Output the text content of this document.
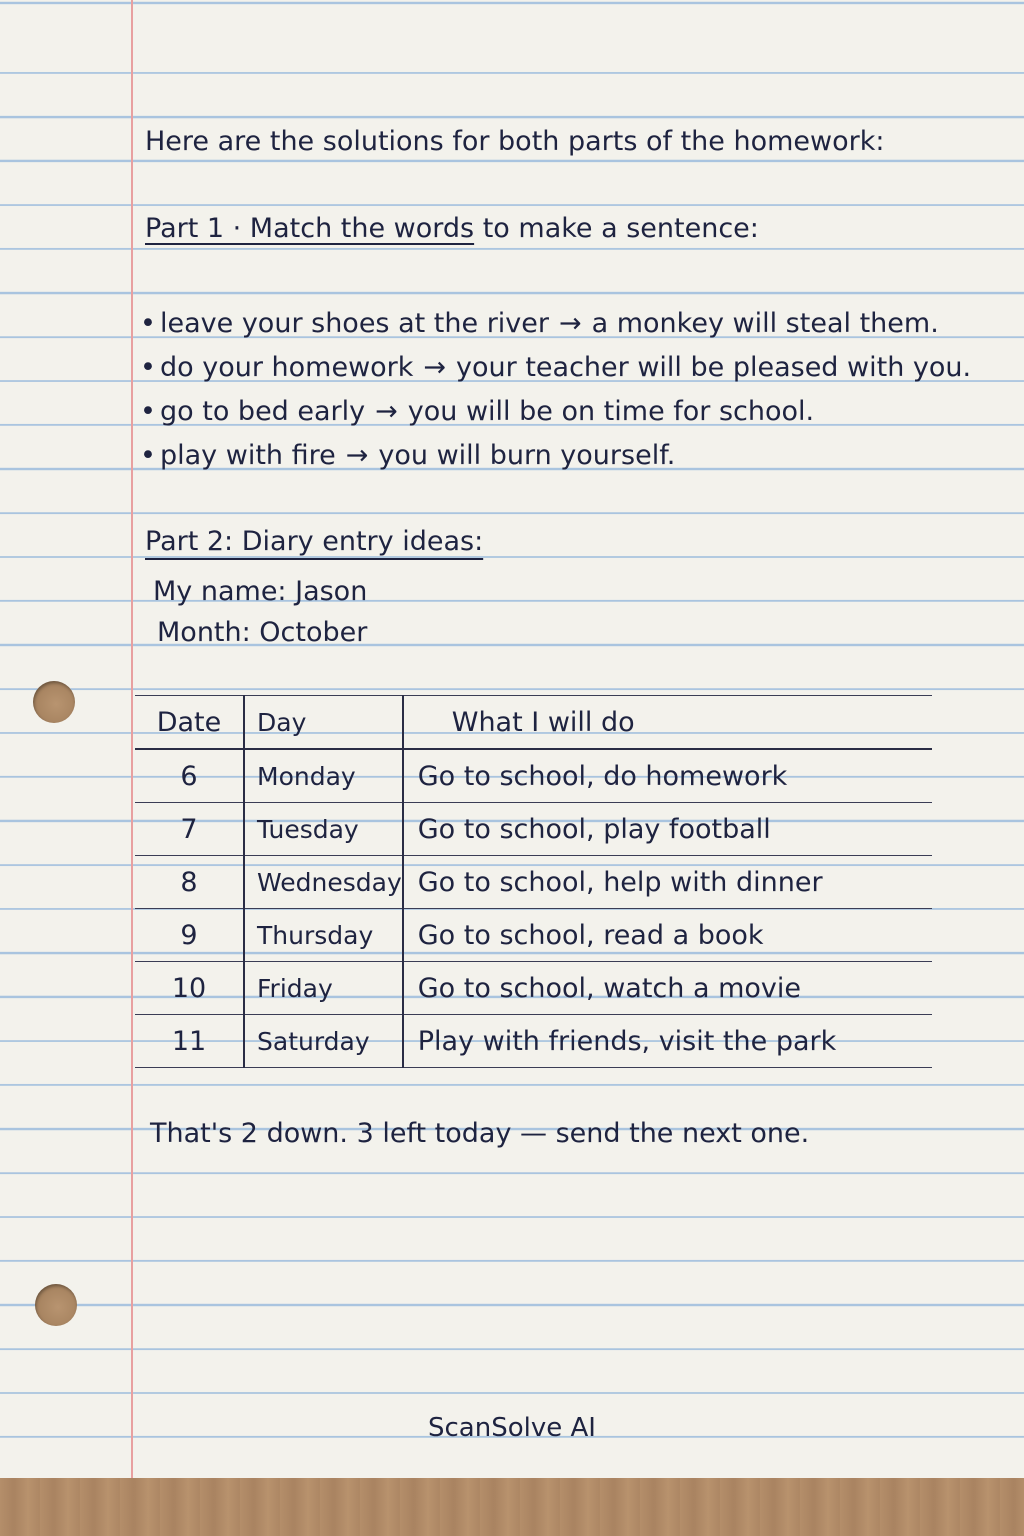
Here are the solutions for both parts of the homework:
Part 1 · Match the words to make a sentence:
• leave your shoes at the river → a monkey will steal them.
• do your homework → your teacher will be pleased with you.
• go to bed early → you will be on time for school.
• play with fire → you will burn yourself.
Part 2: Diary entry ideas:
My name: Jason
Month: October
Date	Day	What I will do
6	Monday	Go to school, do homework
7	Tuesday	Go to school, play football
8	Wednesday	Go to school, help with dinner
9	Thursday	Go to school, read a book
10	Friday	Go to school, watch a movie
11	Saturday	Play with friends, visit the park
That's 2 down. 3 left today — send the next one.
ScanSolve AI
